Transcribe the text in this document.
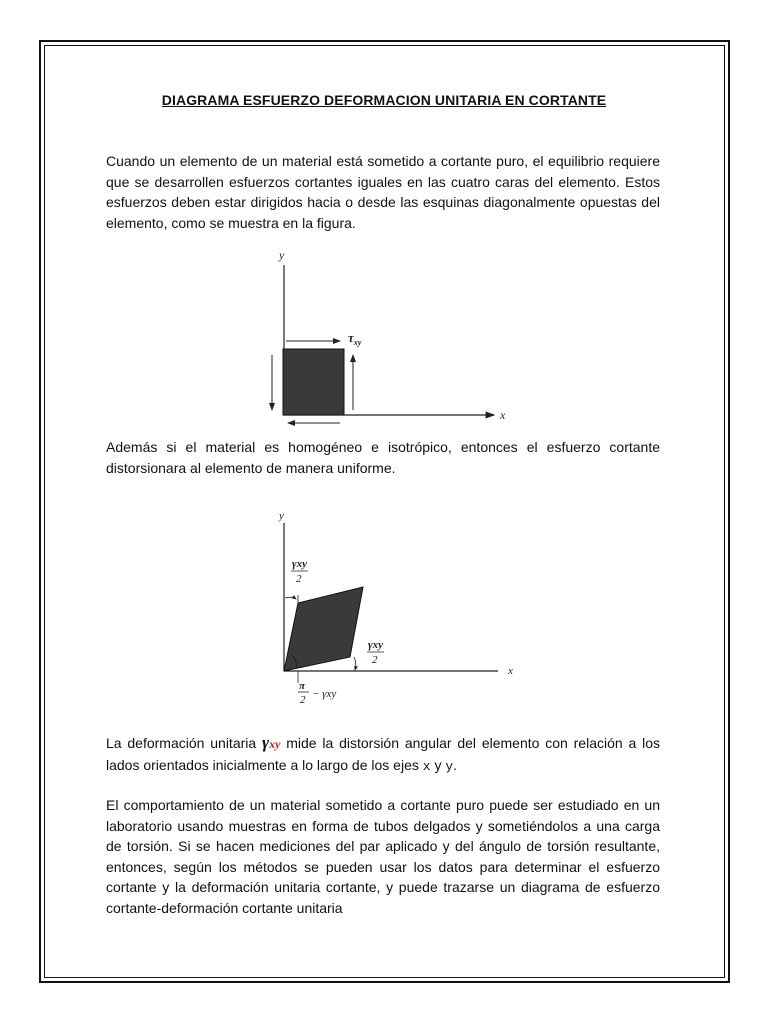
DIAGRAMA ESFUERZO DEFORMACION UNITARIA EN CORTANTE

Cuando un elemento de un material está sometido a cortante puro, el equilibrio requiere que se desarrollen esfuerzos cortantes iguales en las cuatro caras del elemento. Estos esfuerzos deben estar dirigidos hacia o desde las esquinas diagonalmente opuestas del elemento, como se muestra en la figura.

y
x
$\tau_{xy}$

Además si el material es homogéneo e isotrópico, entonces el esfuerzo cortante distorsionara al elemento de manera uniforme.

y
x
γxy
2
γxy
2
π
2 − γxy

La deformación unitaria γxy mide la distorsión angular del elemento con relación a los lados orientados inicialmente a lo largo de los ejes x y y.

El comportamiento de un material sometido a cortante puro puede ser estudiado en un laboratorio usando muestras en forma de tubos delgados y sometiéndolos a una carga de torsión. Si se hacen mediciones del par aplicado y del ángulo de torsión resultante, entonces, según los métodos se pueden usar los datos para determinar el esfuerzo cortante y la deformación unitaria cortante, y puede trazarse un diagrama de esfuerzo cortante-deformación cortante unitaria
